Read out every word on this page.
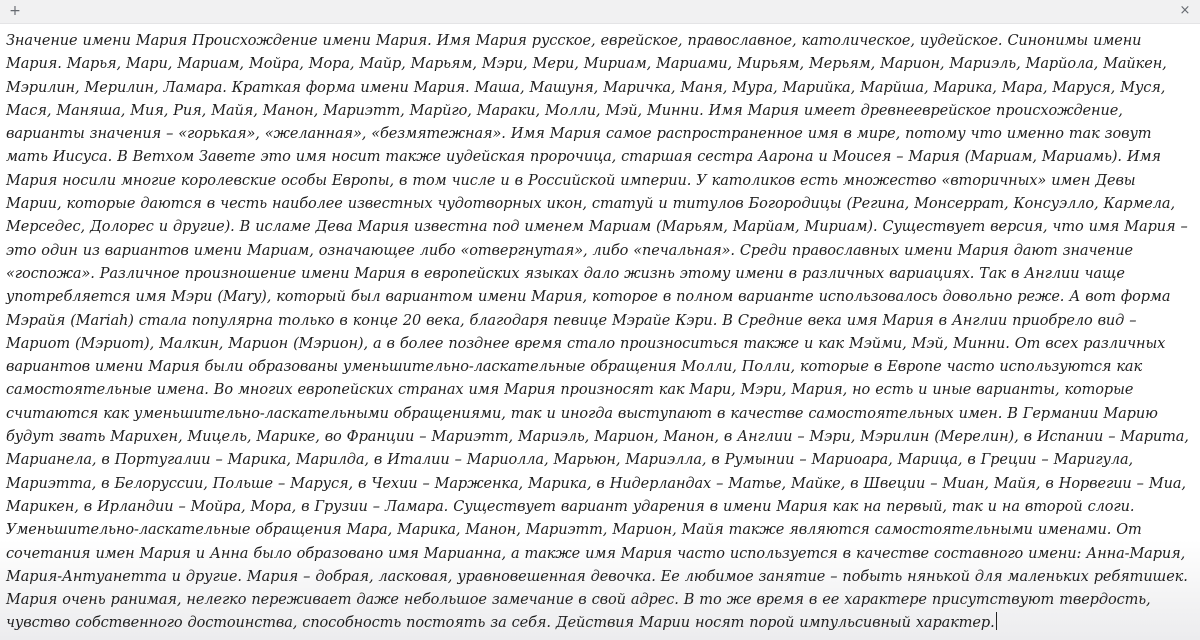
+	×
Значение имени Мария Происхождение имени Мария. Имя Мария русское, еврейское, православное, католическое, иудейское. Синонимы имени Мария. Марья, Мари, Мариам, Мойра, Мора, Майр, Марьям, Мэри, Мери, Мириам, Мариами, Мирьям, Мерьям, Марион, Мариэль, Марйола, Майкен, Мэрилин, Мерилин, Ламара. Краткая форма имени Мария. Маша, Машуня, Маричка, Маня, Мура, Марийка, Марйша, Марика, Мара, Маруся, Муся, Мася, Маняша, Мия, Рия, Майя, Манон, Мариэтт, Марйго, Мараки, Молли, Мэй, Минни. Имя Мария имеет древнееврейское происхождение, варианты значения – «горькая», «желанная», «безмятежная». Имя Мария самое распространенное имя в мире, потому что именно так зовут мать Иисуса. В Ветхом Завете это имя носит также иудейская пророчица, старшая сестра Аарона и Моисея – Мария (Мариам, Мариамь). Имя Мария носили многие королевские особы Европы, в том числе и в Российской империи. У католиков есть множество «вторичных» имен Девы Марии, которые даются в честь наиболее известных чудотворных икон, статуй и титулов Богородицы (Регина, Монсеррат, Консуэлло, Кармела, Мерседес, Долорес и другие). В исламе Дева Мария известна под именем Мариам (Марьям, Марйам, Мириам). Существует версия, что имя Мария – это один из вариантов имени Мариам, означающее либо «отвергнутая», либо «печальная». Среди православных имени Мария дают значение «госпожа». Различное произношение имени Мария в европейских языках дало жизнь этому имени в различных вариациях. Так в Англии чаще употребляется имя Мэри (Mary), который был вариантом имени Мария, которое в полном варианте использовалось довольно реже. А вот форма Мэрайя (Mariah) стала популярна только в конце 20 века, благодаря певице Мэрайе Кэри. В Средние века имя Мария в Англии приобрело вид – Мариот (Мэриот), Малкин, Марион (Мэрион), а в более позднее время стало произноситься также и как Мэйми, Мэй, Минни. От всех различных вариантов имени Мария были образованы уменьшительно-ласкательные обращения Молли, Полли, которые в Европе часто используются как самостоятельные имена. Во многих европейских странах имя Мария произносят как Мари, Мэри, Мария, но есть и иные варианты, которые считаются как уменьшительно-ласкательными обращениями, так и иногда выступают в качестве самостоятельных имен. В Германии Марию будут звать Марихен, Мицель, Марике, во Франции – Мариэтт, Мариэль, Марион, Манон, в Англии – Мэри, Мэрилин (Мерелин), в Испании – Марита, Марианела, в Португалии – Марика, Марилда, в Италии – Мариолла, Марьюн, Мариэлла, в Румынии – Мариоара, Марица, в Греции – Маригула, Мариэтта, в Белоруссии, Польше – Маруся, в Чехии – Марженка, Марика, в Нидерландах – Матье, Майке, в Швеции – Миан, Майя, в Норвегии – Миа, Марикен, в Ирландии – Мойра, Мора, в Грузии – Ламара. Существует вариант ударения в имени Мария как на первый, так и на второй слоги. Уменьшительно-ласкательные обращения Мара, Марика, Манон, Мариэтт, Марион, Майя также являются самостоятельными именами. От сочетания имен Мария и Анна было образовано имя Марианна, а также имя Мария часто используется в качестве составного имени: Анна-Мария, Мария-Антуанетта и другие. Мария – добрая, ласковая, уравновешенная девочка. Ее любимое занятие – побыть нянькой для маленьких ребятишек. Мария очень ранимая, нелегко переживает даже небольшое замечание в свой адрес. В то же время в ее характере присутствуют твердость, чувство собственного достоинства, способность постоять за себя. Действия Марии носят порой импульсивный характер.
